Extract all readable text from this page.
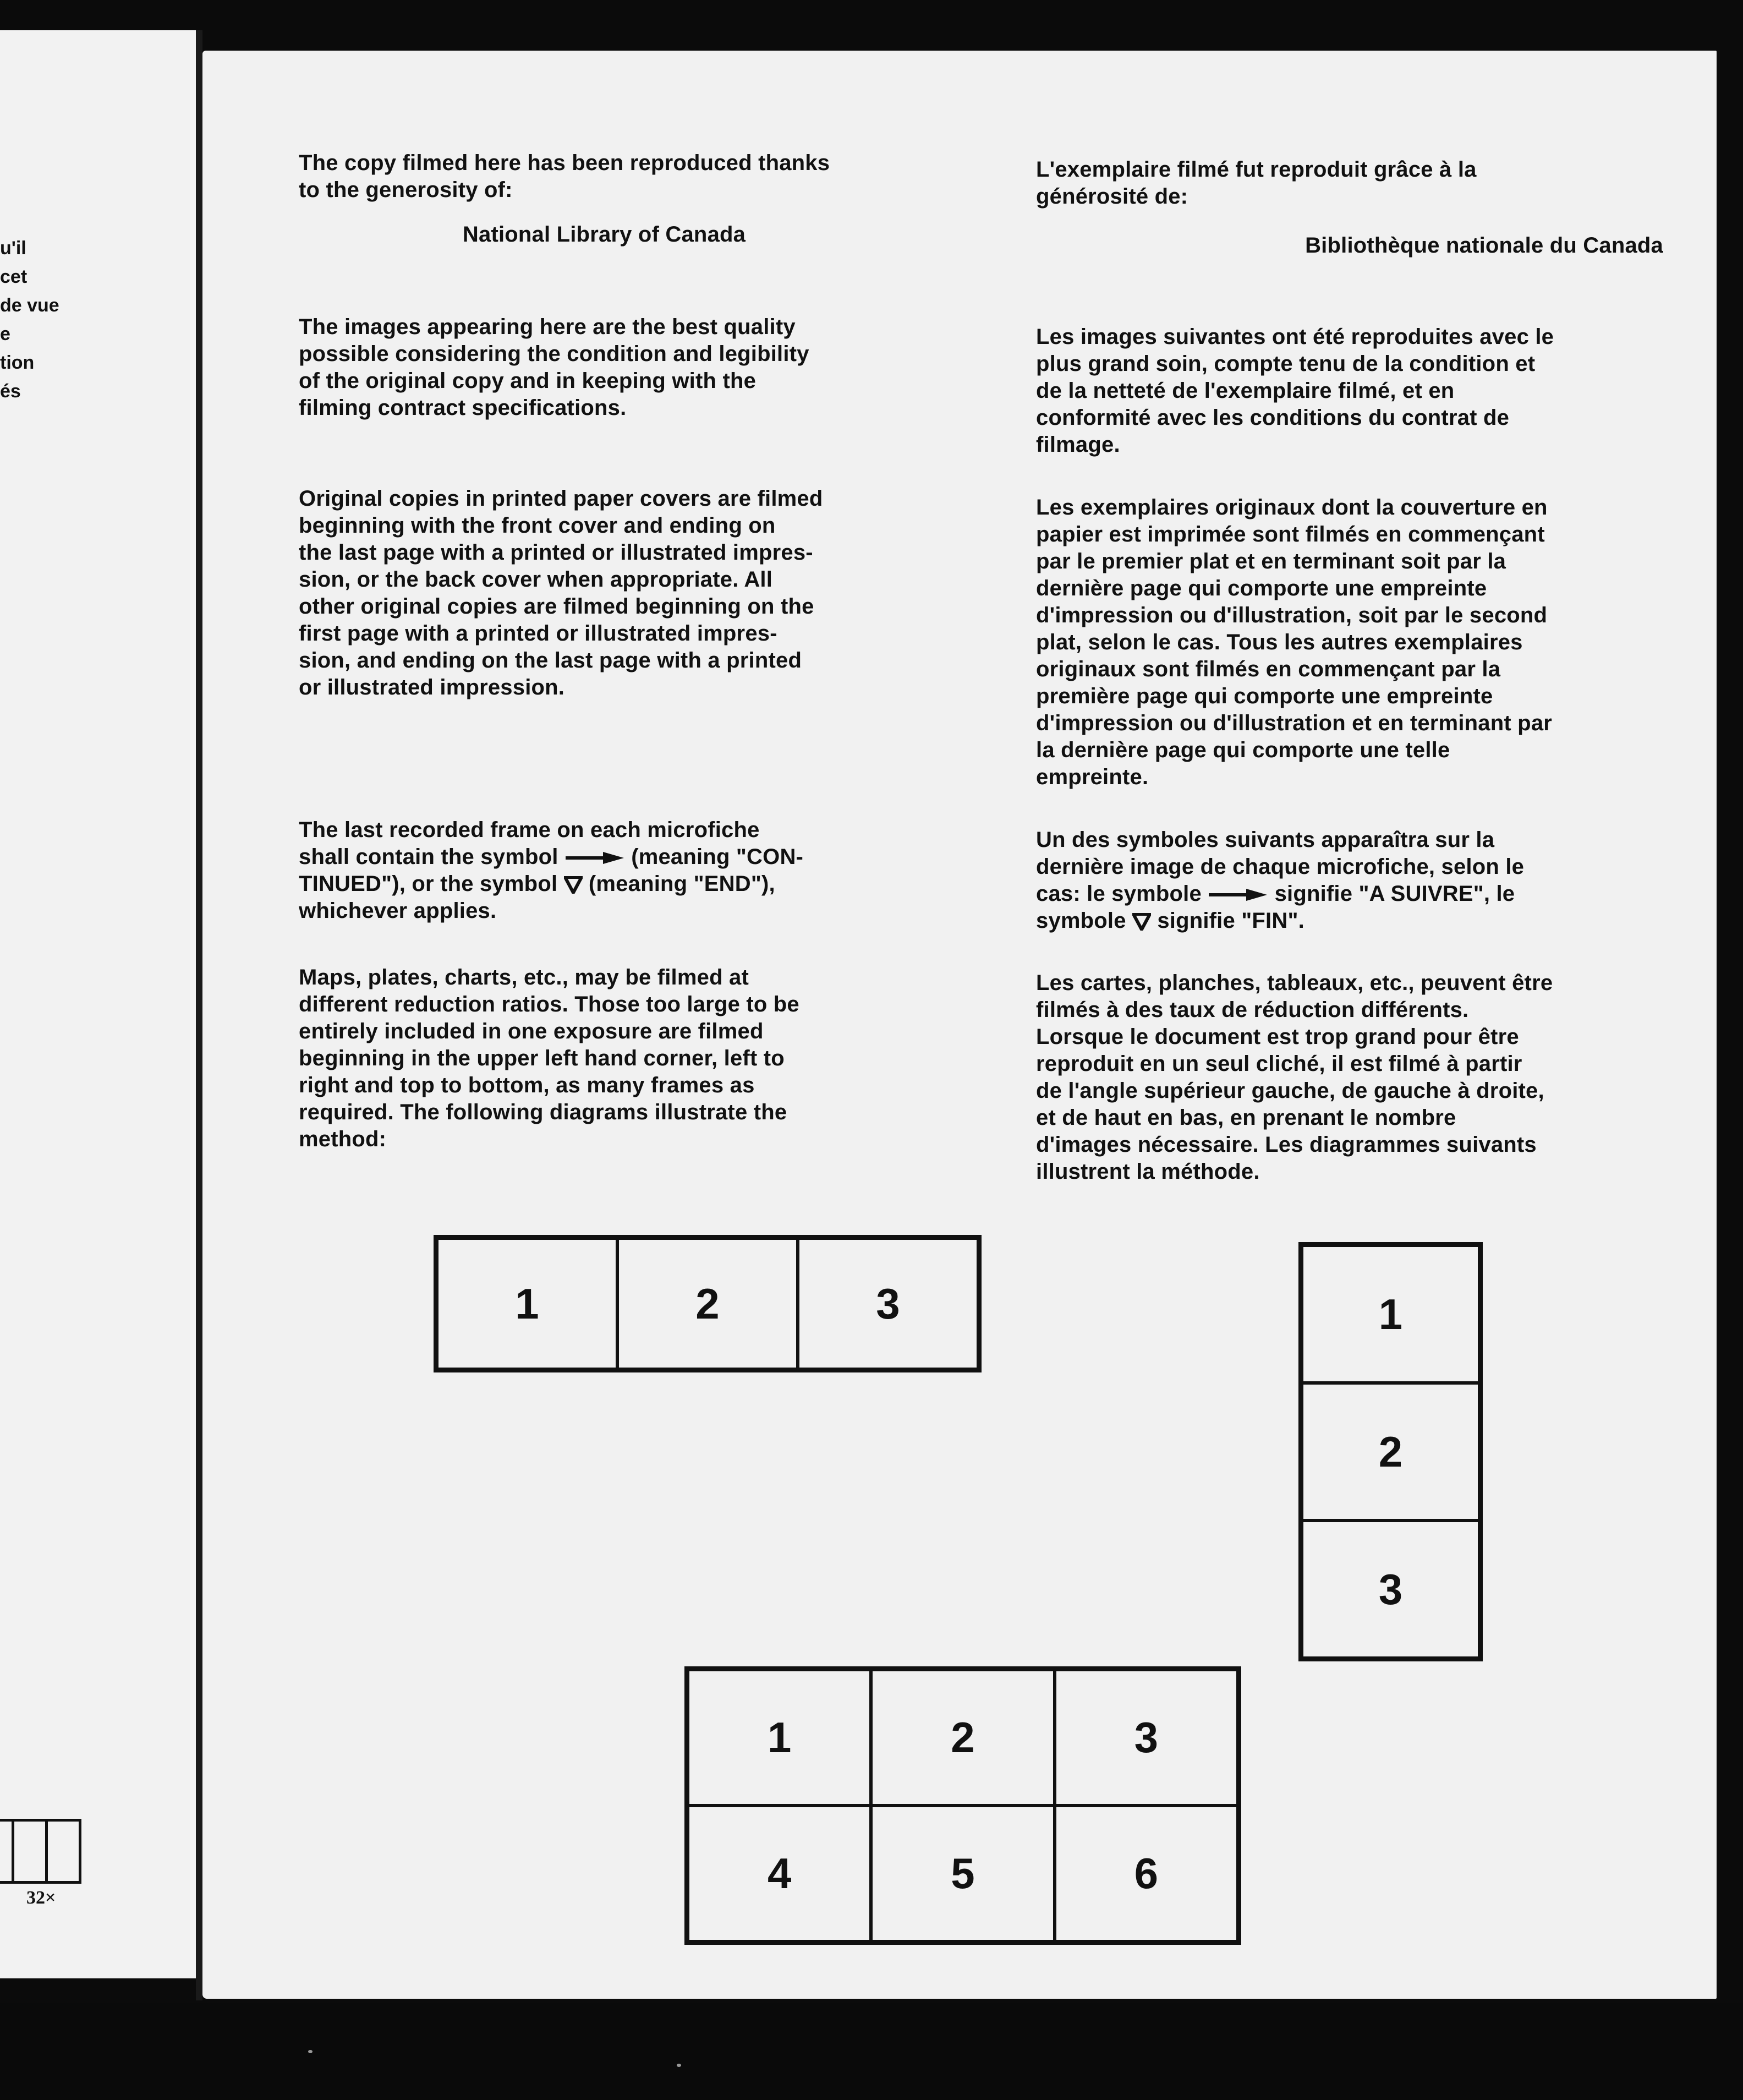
u'il
cet
de vue
e
tion
és
32×

The copy filmed here has been reproduced thanks
to the generosity of:

National Library of Canada

The images appearing here are the best quality
possible considering the condition and legibility
of the original copy and in keeping with the
filming contract specifications.

Original copies in printed paper covers are filmed
beginning with the front cover and ending on
the last page with a printed or illustrated impres-
sion, or the back cover when appropriate. All
other original copies are filmed beginning on the
first page with a printed or illustrated impres-
sion, and ending on the last page with a printed
or illustrated impression.

The last recorded frame on each microfiche
shall contain the symbol	(meaning "CON-
TINUED"), or the symbol  (meaning "END"),
whichever applies.

Maps, plates, charts, etc., may be filmed at
different reduction ratios. Those too large to be
entirely included in one exposure are filmed
beginning in the upper left hand corner, left to
right and top to bottom, as many frames as
required. The following diagrams illustrate the
method:

L'exemplaire filmé fut reproduit grâce à la
générosité de:

Bibliothèque nationale du Canada

Les images suivantes ont été reproduites avec le
plus grand soin, compte tenu de la condition et
de la netteté de l'exemplaire filmé, et en
conformité avec les conditions du contrat de
filmage.

Les exemplaires originaux dont la couverture en
papier est imprimée sont filmés en commençant
par le premier plat et en terminant soit par la
dernière page qui comporte une empreinte
d'impression ou d'illustration, soit par le second
plat, selon le cas. Tous les autres exemplaires
originaux sont filmés en commençant par la
première page qui comporte une empreinte
d'impression ou d'illustration et en terminant par
la dernière page qui comporte une telle
empreinte.

Un des symboles suivants apparaîtra sur la
dernière image de chaque microfiche, selon le
cas: le symbole	signifie "A SUIVRE", le
symbole  signifie "FIN".

Les cartes, planches, tableaux, etc., peuvent être
filmés à des taux de réduction différents.
Lorsque le document est trop grand pour être
reproduit en un seul cliché, il est filmé à partir
de l'angle supérieur gauche, de gauche à droite,
et de haut en bas, en prenant le nombre
d'images nécessaire. Les diagrammes suivants
illustrent la méthode.

1	2	3	1
2
3
1	2	3
4	5	6
